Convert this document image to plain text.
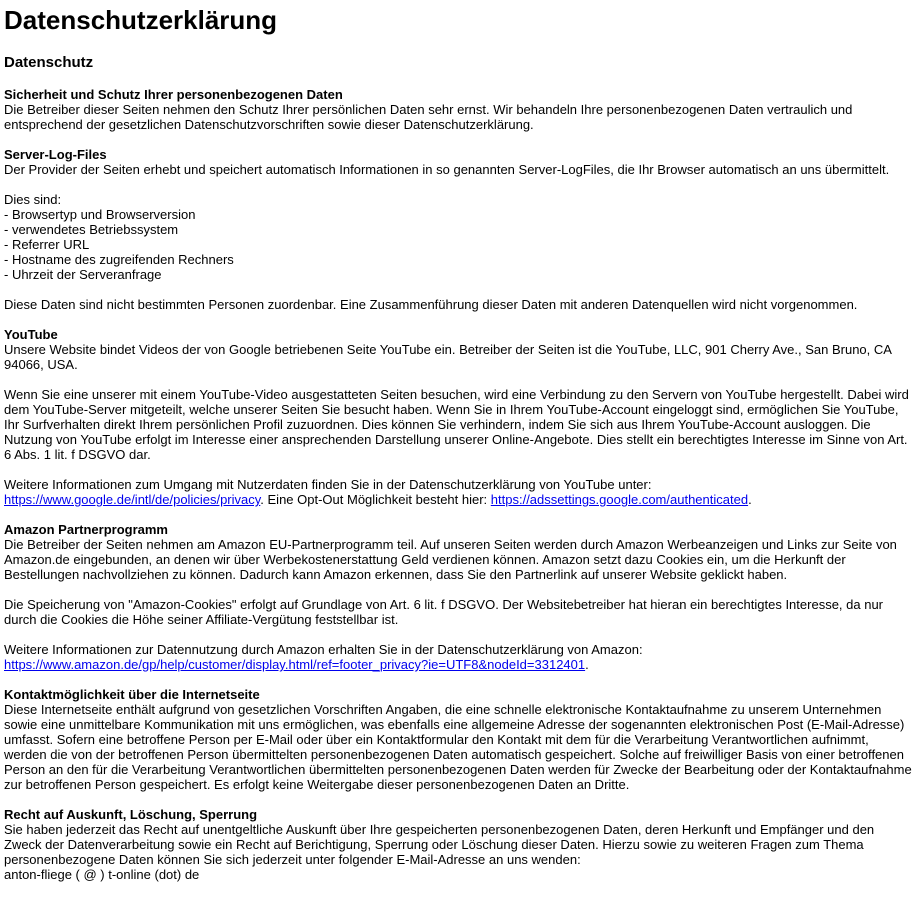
Datenschutzerklärung
Datenschutz
Sicherheit und Schutz Ihrer personenbezogenen Daten
Die Betreiber dieser Seiten nehmen den Schutz Ihrer persönlichen Daten sehr ernst. Wir behandeln Ihre personenbezogenen Daten vertraulich und entsprechend der gesetzlichen Datenschutzvorschriften sowie dieser Datenschutzerklärung.
Server-Log-Files
Der Provider der Seiten erhebt und speichert automatisch Informationen in so genannten Server-LogFiles, die Ihr Browser automatisch an uns übermittelt.
Dies sind:
- Browsertyp und Browserversion
- verwendetes Betriebssystem
- Referrer URL
- Hostname des zugreifenden Rechners
- Uhrzeit der Serveranfrage
Diese Daten sind nicht bestimmten Personen zuordenbar. Eine Zusammenführung dieser Daten mit anderen Datenquellen wird nicht vorgenommen.
YouTube
Unsere Website bindet Videos der von Google betriebenen Seite YouTube ein. Betreiber der Seiten ist die YouTube, LLC, 901 Cherry Ave., San Bruno, CA 94066, USA.
Wenn Sie eine unserer mit einem YouTube-Video ausgestatteten Seiten besuchen, wird eine Verbindung zu den Servern von YouTube hergestellt. Dabei wird dem YouTube-Server mitgeteilt, welche unserer Seiten Sie besucht haben. Wenn Sie in Ihrem YouTube-Account eingeloggt sind, ermöglichen Sie YouTube, Ihr Surfverhalten direkt Ihrem persönlichen Profil zuzuordnen. Dies können Sie verhindern, indem Sie sich aus Ihrem YouTube-Account ausloggen. Die Nutzung von YouTube erfolgt im Interesse einer ansprechenden Darstellung unserer Online-Angebote. Dies stellt ein berechtigtes Interesse im Sinne von Art. 6 Abs. 1 lit. f DSGVO dar.
Weitere Informationen zum Umgang mit Nutzerdaten finden Sie in der Datenschutzerklärung von YouTube unter:
https://www.google.de/intl/de/policies/privacy. Eine Opt-Out Möglichkeit besteht hier: https://adssettings.google.com/authenticated.
Amazon Partnerprogramm
Die Betreiber der Seiten nehmen am Amazon EU-Partnerprogramm teil. Auf unseren Seiten werden durch Amazon Werbeanzeigen und Links zur Seite von Amazon.de eingebunden, an denen wir über Werbekostenerstattung Geld verdienen können. Amazon setzt dazu Cookies ein, um die Herkunft der Bestellungen nachvollziehen zu können. Dadurch kann Amazon erkennen, dass Sie den Partnerlink auf unserer Website geklickt haben.
Die Speicherung von "Amazon-Cookies" erfolgt auf Grundlage von Art. 6 lit. f DSGVO. Der Websitebetreiber hat hieran ein berechtigtes Interesse, da nur durch die Cookies die Höhe seiner Affiliate-Vergütung feststellbar ist.
Weitere Informationen zur Datennutzung durch Amazon erhalten Sie in der Datenschutzerklärung von Amazon:
https://www.amazon.de/gp/help/customer/display.html/ref=footer_privacy?ie=UTF8&nodeId=3312401.
Kontaktmöglichkeit über die Internetseite
Diese Internetseite enthält aufgrund von gesetzlichen Vorschriften Angaben, die eine schnelle elektronische Kontaktaufnahme zu unserem Unternehmen sowie eine unmittelbare Kommunikation mit uns ermöglichen, was ebenfalls eine allgemeine Adresse der sogenannten elektronischen Post (E-Mail-Adresse) umfasst. Sofern eine betroffene Person per E-Mail oder über ein Kontaktformular den Kontakt mit dem für die Verarbeitung Verantwortlichen aufnimmt, werden die von der betroffenen Person übermittelten personenbezogenen Daten automatisch gespeichert. Solche auf freiwilliger Basis von einer betroffenen Person an den für die Verarbeitung Verantwortlichen übermittelten personenbezogenen Daten werden für Zwecke der Bearbeitung oder der Kontaktaufnahme zur betroffenen Person gespeichert. Es erfolgt keine Weitergabe dieser personenbezogenen Daten an Dritte.
Recht auf Auskunft, Löschung, Sperrung
Sie haben jederzeit das Recht auf unentgeltliche Auskunft über Ihre gespeicherten personenbezogenen Daten, deren Herkunft und Empfänger und den Zweck der Datenverarbeitung sowie ein Recht auf Berichtigung, Sperrung oder Löschung dieser Daten. Hierzu sowie zu weiteren Fragen zum Thema personenbezogene Daten können Sie sich jederzeit unter folgender E-Mail-Adresse an uns wenden:
anton-fliege ( @ ) t-online (dot) de
